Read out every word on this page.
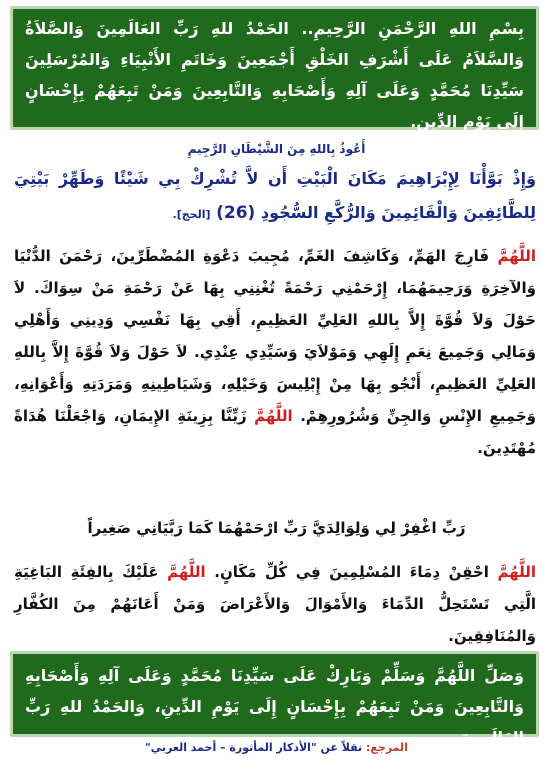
بِسْمِ اللهِ الرَّحْمَنِ الرَّحِيمِ.. الحَمْدُ للهِ رَبِّ العَالَمِينَ وَالصَّلاَةُ وَالسَّلاَمُ عَلَى أَشْرَفِ الخَلْقِ أَجْمَعِينَ وَخَاتَمِ الأَنْبِيَاءِ وَالمُرْسَلِينَ سَيِّدِنَا مُحَمَّدٍ وَعَلَى آلِهِ وَأَصْحَابِهِ وَالتَّابِعِينَ وَمَنْ تَبِعَهُمْ بِإِحْسَانٍ إِلَى يَوْمِ الدِّينِ.
أَعُوذُ بِاللهِ مِنَ الشَّيْطَانِ الرَّجِيمِ
وَإِذْ بَوَّأْنَا لِإِبْرَاهِيمَ مَكَانَ الْبَيْتِ أَن لاَّ تُشْرِكْ بِي شَيْئًا وَطَهِّرْ بَيْتِيَ لِلطَّائِفِينَ وَالْقَائِمِينَ وَالرُّكَّعِ السُّجُودِ (26) [الحج].
اللَّهُمَّ فَارِجَ الهَمِّ، وَكَاشِفَ الغَمِّ، مُجِيبَ دَعْوَةِ المُضْطَرِّينَ، رَحْمَنَ الدُّنْيَا وَالآخِرَةِ وَرَحِيمَهُمَا، إِرْحَمْنِي رَحْمَةً تُغْنِنِي بِهَا عَنْ رَحْمَةِ مَنْ سِوَاكَ. لاَ حَوْلَ وَلاَ قُوَّةَ إِلاَّ بِاللهِ العَلِيِّ العَظِيمِ، أَقِي بِهَا نَفْسِي وَدِينِي وَأَهْلِي وَمَالِي وَجَمِيعَ نِعَمِ إِلَهِي وَمَوْلاَيَ وَسَيِّدِي عِنْدِي. لاَ حَوْلَ وَلاَ قُوَّةَ إِلاَّ بِاللهِ العَلِيِّ العَظِيمِ، أَنْجُو بِهَا مِنْ إِبْلِيسَ وَخَيْلِهِ، وَشَيَاطِينِهِ وَمَرَدَتِهِ وَأَعْوَانِهِ، وَجَمِيعِ الإِنْسِ وَالجِنِّ وَشُرُورِهِمْ. اللَّهُمَّ زَيِّنَّا بِزِينَةِ الإِيمَانِ، وَاجْعَلْنَا هُدَاةً مُهْتَدِينَ.
رَبِّ اغْفِرْ لِي وَلِوَالِدَيَّ رَبِّ ارْحَمْهُمَا كَمَا رَبَّيَانِي صَغِيراً
اللَّهُمَّ احْقِنْ دِمَاءَ المُسْلِمِينَ فِي كُلِّ مَكَانٍ. اللَّهُمَّ عَلَيْكَ بِالفِئَةِ البَاغِيَةِ الَّتِي تَسْتَحِلُّ الدِّمَاءَ وَالأَمْوَالَ وَالأَعْرَاضَ وَمَنْ أَعَانَهُمْ مِنَ الكُفَّارِ وَالمُنَافِقِينَ.
وَصَلِّ اللَّهُمَّ وَسَلِّمْ وَبَارِكْ عَلَى سَيِّدِنَا مُحَمَّدٍ وَعَلَى آلِهِ وَأَصْحَابِهِ وَالتَّابِعِينَ وَمَنْ تَبِعَهُمْ بِإِحْسَانٍ إِلَى يَوْمِ الدِّينِ، وَالحَمْدُ للهِ رَبِّ العَالَمِينَ.
المرجع: نقلاً عن "الأذكار المأثورة – أحمد العربي"
